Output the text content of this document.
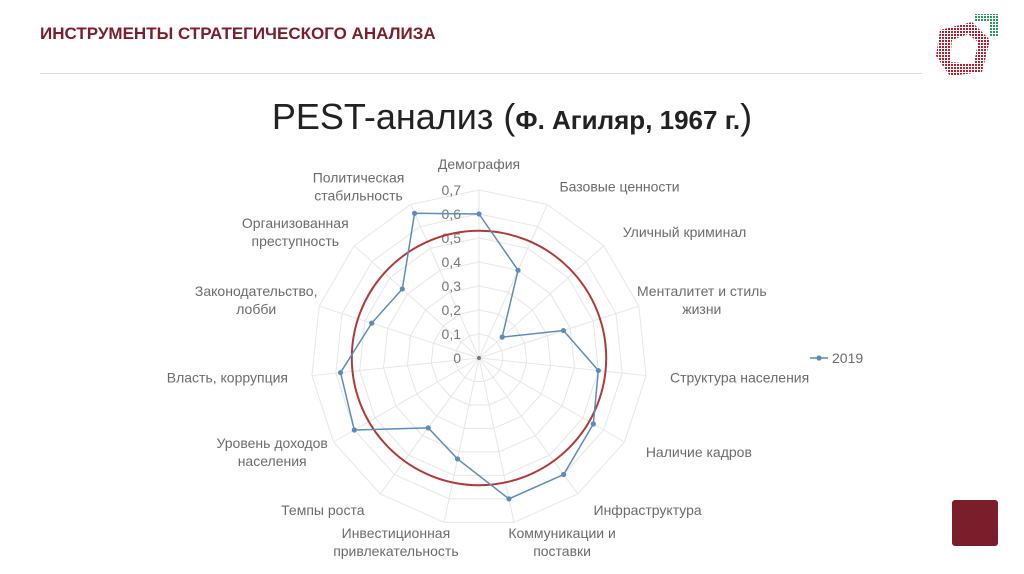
ИНСТРУМЕНТЫ СТРАТЕГИЧЕСКОГО АНАЛИЗА
PEST-анализ (Ф. Агиляр, 1967 г.)
0
0,1
0,2
0,3
0,4
0,5
0,6
0,7
Демография
Базовые ценности
Уличный криминал
Менталитет и стиль
жизни
Структура населения
Наличие кадров
Инфраструктура
Коммуникации и
поставки
Инвестиционная
привлекательность
Темпы роста
Уровень доходов
населения
Власть, коррупция
Законодательство,
лобби
Организованная
преступность
Политическая
стабильность
2019
